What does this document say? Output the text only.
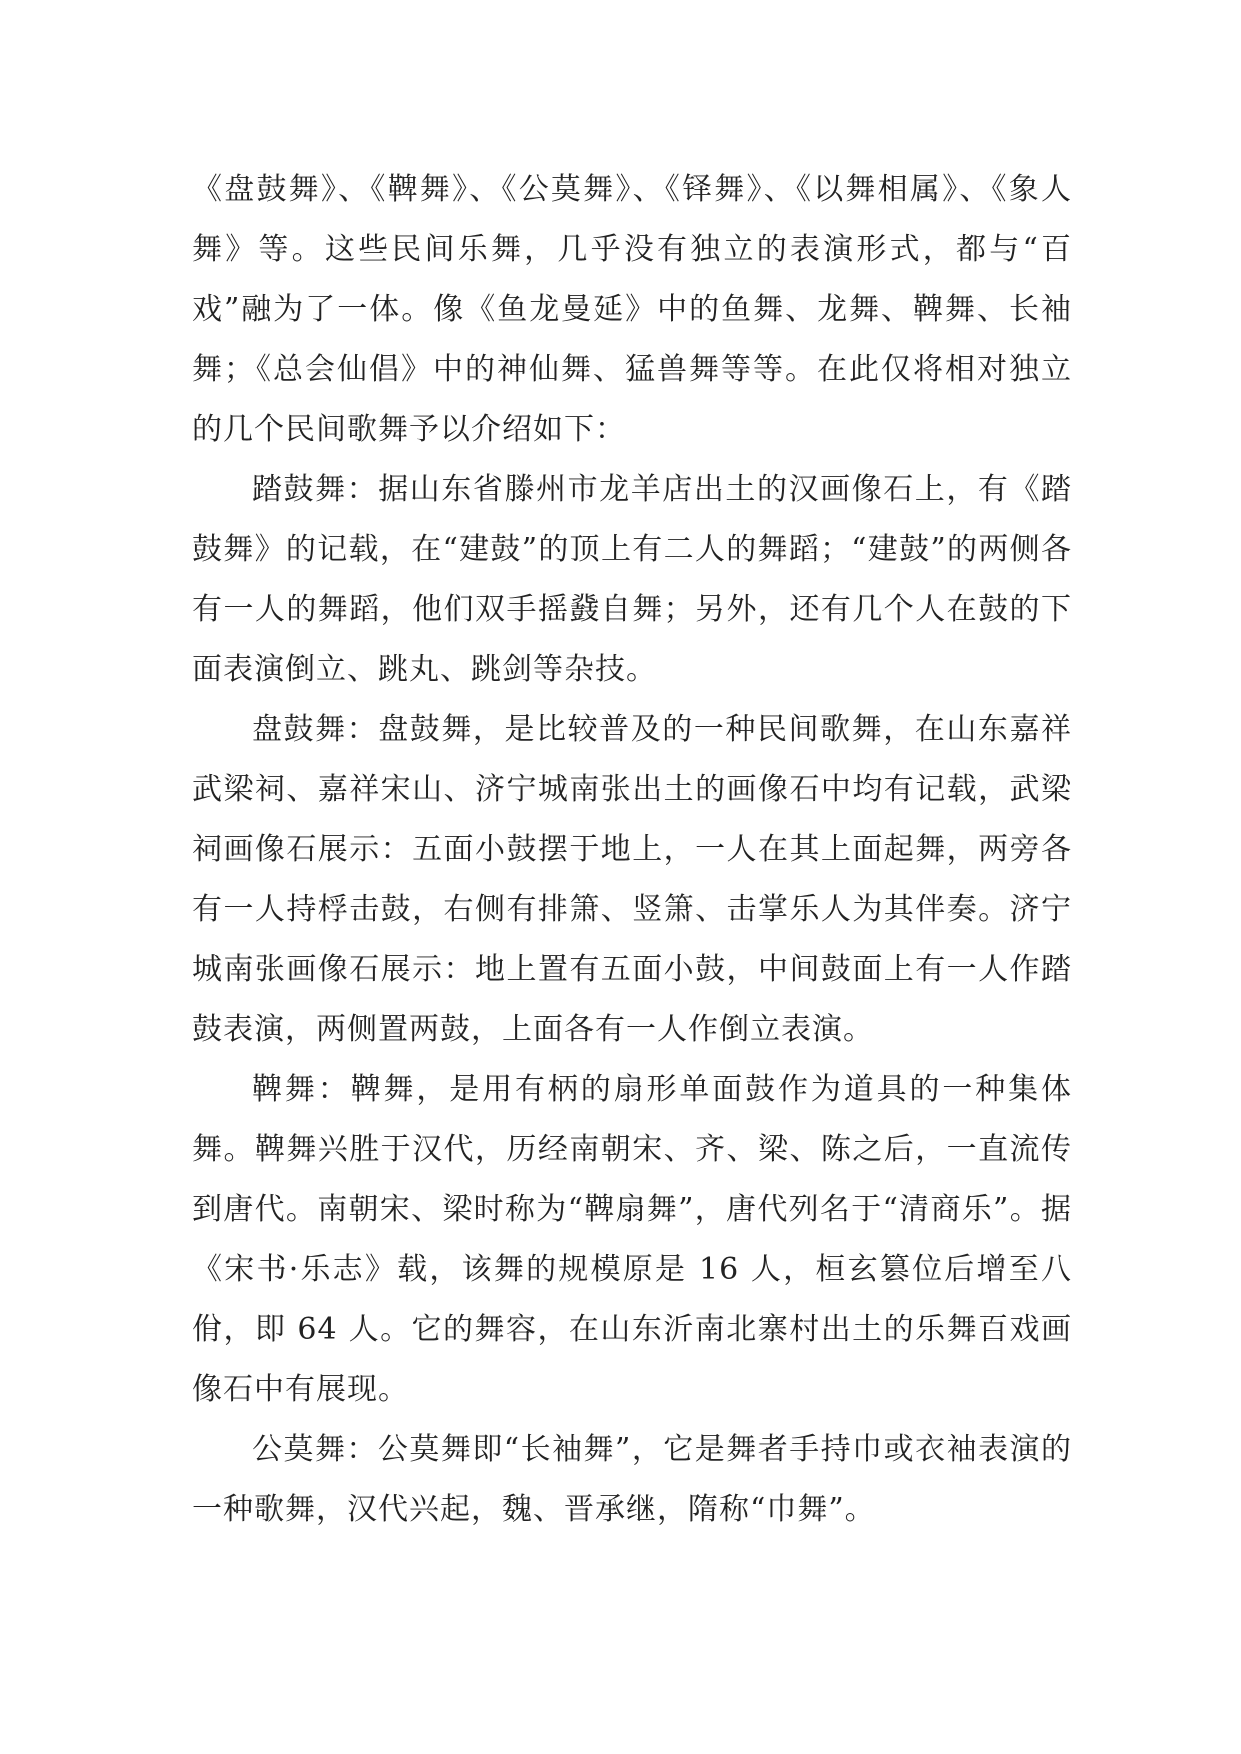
《盘鼓舞》、《鞞舞》、《公莫舞》、《铎舞》、《以舞相属》、《象人舞》等。这些民间乐舞，几乎没有独立的表演形式，都与“百戏”融为了一体。像《鱼龙曼延》中的鱼舞、龙舞、鞞舞、长袖舞；《总会仙倡》中的神仙舞、猛兽舞等等。在此仅将相对独立的几个民间歌舞予以介绍如下：

踏鼓舞：据山东省滕州市龙羊店出土的汉画像石上，有《踏鼓舞》的记载，在“建鼓”的顶上有二人的舞蹈；“建鼓”的两侧各有一人的舞蹈，他们双手摇鼗自舞；另外，还有几个人在鼓的下面表演倒立、跳丸、跳剑等杂技。

盘鼓舞：盘鼓舞，是比较普及的一种民间歌舞，在山东嘉祥武梁祠、嘉祥宋山、济宁城南张出土的画像石中均有记载，武梁祠画像石展示：五面小鼓摆于地上，一人在其上面起舞，两旁各有一人持桴击鼓，右侧有排箫、竖箫、击掌乐人为其伴奏。济宁城南张画像石展示：地上置有五面小鼓，中间鼓面上有一人作踏鼓表演，两侧置两鼓，上面各有一人作倒立表演。

鞞舞：鞞舞，是用有柄的扇形单面鼓作为道具的一种集体舞。鞞舞兴胜于汉代，历经南朝宋、齐、梁、陈之后，一直流传到唐代。南朝宋、梁时称为“鞞扇舞”，唐代列名于“清商乐”。据《宋书·乐志》载，该舞的规模原是 16 人，桓玄篡位后增至八佾，即 64 人。它的舞容，在山东沂南北寨村出土的乐舞百戏画像石中有展现。

公莫舞：公莫舞即“长袖舞”，它是舞者手持巾或衣袖表演的一种歌舞，汉代兴起，魏、晋承继，隋称“巾舞”。
